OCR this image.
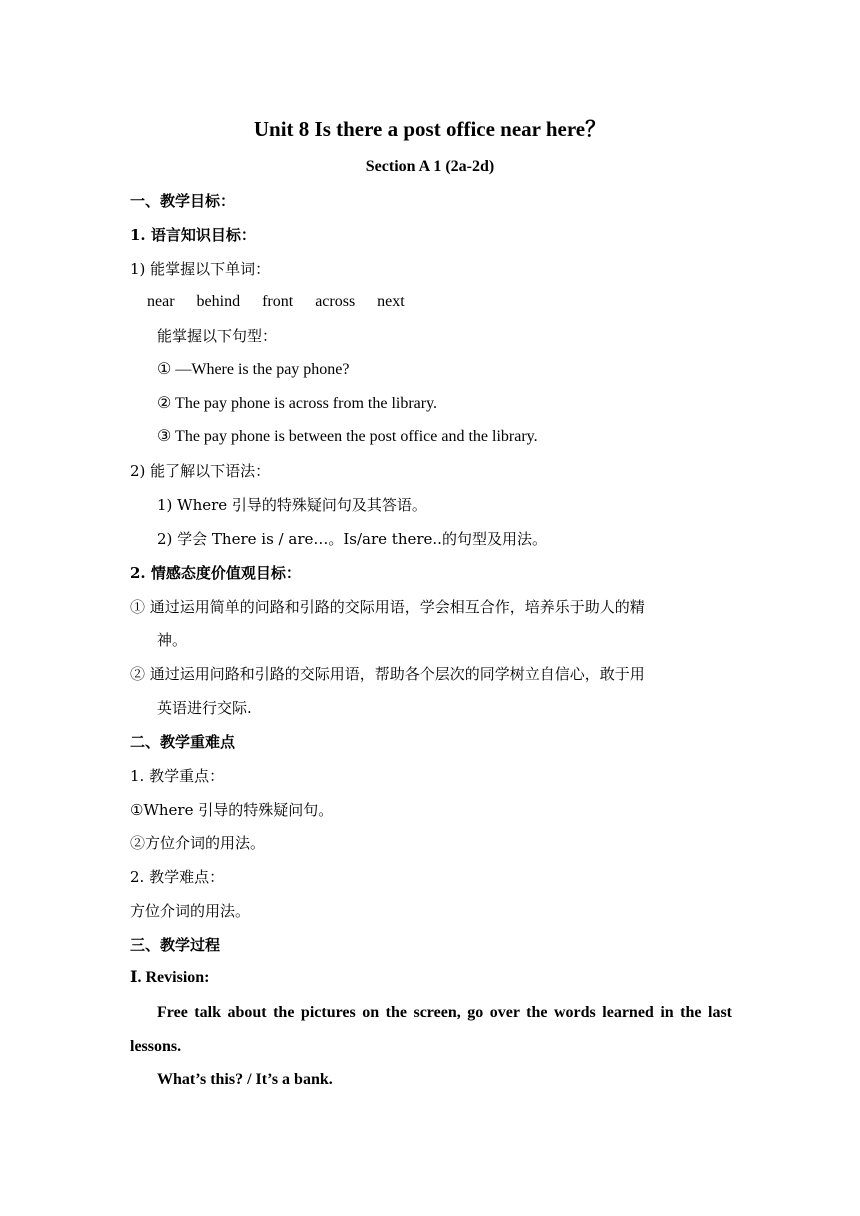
Unit 8 Is there a post office near here？
Section A 1 (2a-2d)
一、教学目标：
1. 语言知识目标：
1) 能掌握以下单词：
near behind front across next
能掌握以下句型：
① —Where is the pay phone?
② The pay phone is across from the library.
③ The pay phone is between the post office and the library.
2) 能了解以下语法：
1) Where 引导的特殊疑问句及其答语。
2) 学会 There is / are…。Is/are there..的句型及用法。
2. 情感态度价值观目标：
① 通过运用简单的问路和引路的交际用语，学会相互合作，培养乐于助人的精
神。
② 通过运用问路和引路的交际用语，帮助各个层次的同学树立自信心，敢于用
英语进行交际.
二、教学重难点
1. 教学重点：
①Where 引导的特殊疑问句。
②方位介词的用法。
2. 教学难点：
方位介词的用法。
三、教学过程
Ⅰ. Revision:
Free talk about the pictures on the screen, go over the words learned in the last lessons.
What’s this? / It’s a bank.
